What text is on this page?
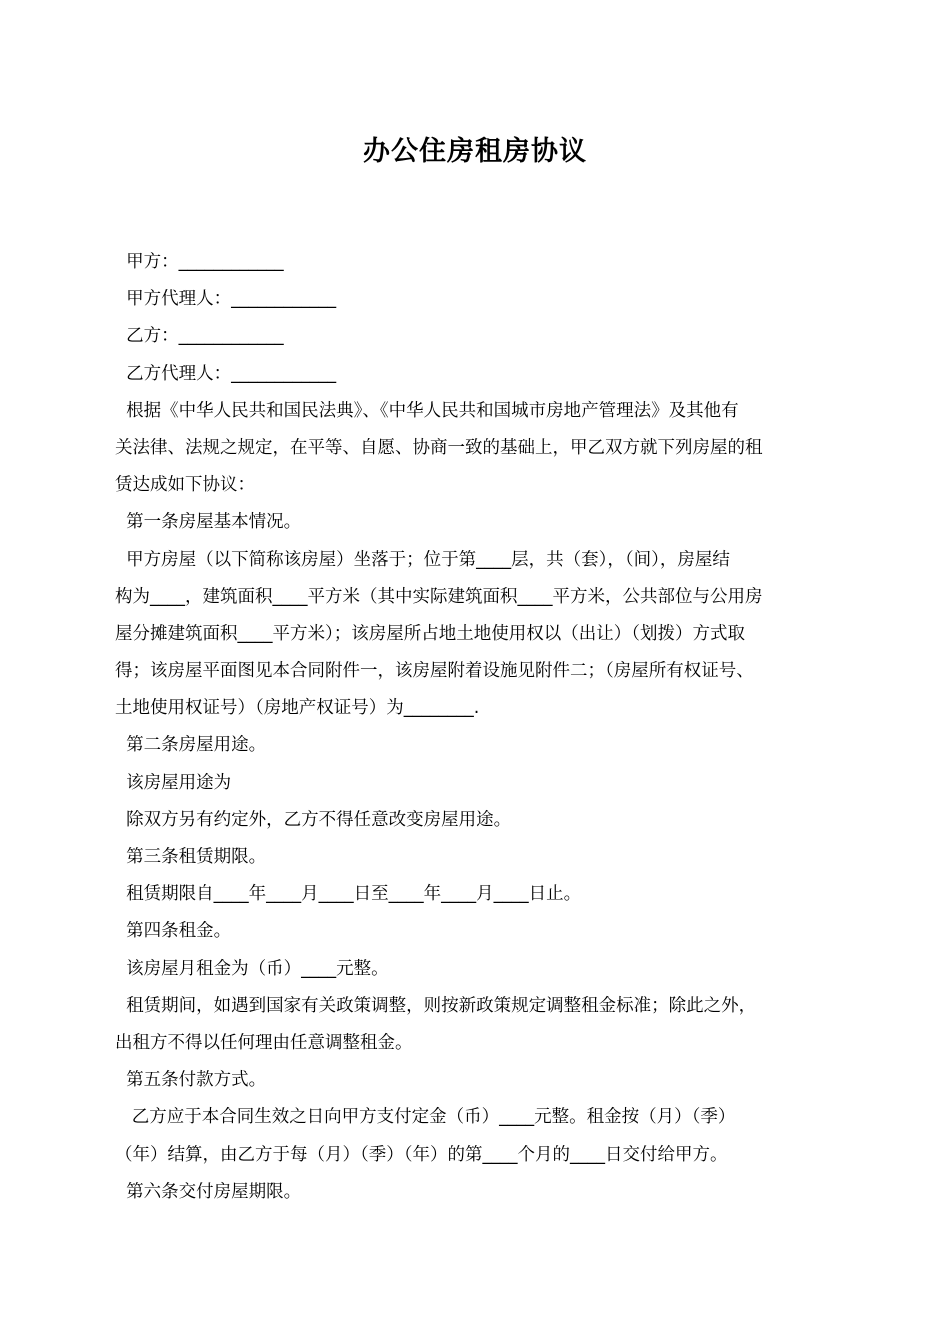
办公住房租房协议
甲方：____________
甲方代理人：____________
乙方：____________
乙方代理人：____________
根据《中华人民共和国民法典》、《中华人民共和国城市房地产管理法》及其他有
关法律、法规之规定，在平等、自愿、协商一致的基础上，甲乙双方就下列房屋的租
赁达成如下协议：
第一条房屋基本情况。
甲方房屋（以下简称该房屋）坐落于；位于第____层，共（套），（间），房屋结
构为____，建筑面积____平方米（其中实际建筑面积____平方米，公共部位与公用房
屋分摊建筑面积____平方米）；该房屋所占地土地使用权以（出让）（划拨）方式取
得；该房屋平面图见本合同附件一，该房屋附着设施见附件二；（房屋所有权证号、
土地使用权证号）（房地产权证号）为________.
第二条房屋用途。
该房屋用途为
除双方另有约定外，乙方不得任意改变房屋用途。
第三条租赁期限。
租赁期限自____年____月____日至____年____月____日止。
第四条租金。
该房屋月租金为（币）____元整。
租赁期间，如遇到国家有关政策调整，则按新政策规定调整租金标准；除此之外，
出租方不得以任何理由任意调整租金。
第五条付款方式。
乙方应于本合同生效之日向甲方支付定金（币）____元整。租金按（月）（季）
（年）结算，由乙方于每（月）（季）（年）的第____个月的____日交付给甲方。
第六条交付房屋期限。
